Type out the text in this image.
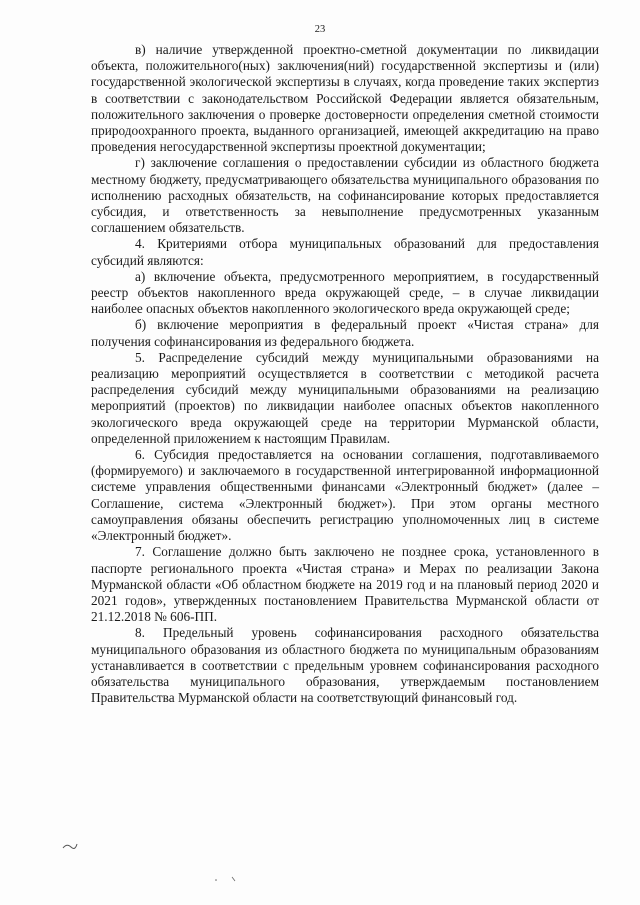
23

в) наличие утвержденной проектно-сметной документации по ликвидации объекта, положительного(ных) заключения(ний) государственной экспертизы и (или) государственной экологической экспертизы в случаях, когда проведение таких экспертиз в соответствии с законодательством Российской Федерации является обязательным, положительного заключения о проверке достоверности определения сметной стоимости природоохранного проекта, выданного организацией, имеющей аккредитацию на право проведения негосударственной экспертизы проектной документации;

г) заключение соглашения о предоставлении субсидии из областного бюджета местному бюджету, предусматривающего обязательства муниципального образования по исполнению расходных обязательств, на софинансирование которых предоставляется субсидия, и ответственность за невыполнение предусмотренных указанным соглашением обязательств.

4. Критериями отбора муниципальных образований для предоставления субсидий являются:

а) включение объекта, предусмотренного мероприятием, в государственный реестр объектов накопленного вреда окружающей среде, – в случае ликвидации наиболее опасных объектов накопленного экологического вреда окружающей среде;

б) включение мероприятия в федеральный проект «Чистая страна» для получения софинансирования из федерального бюджета.

5. Распределение субсидий между муниципальными образованиями на реализацию мероприятий осуществляется в соответствии с методикой расчета распределения субсидий между муниципальными образованиями на реализацию мероприятий (проектов) по ликвидации наиболее опасных объектов накопленного экологического вреда окружающей среде на территории Мурманской области, определенной приложением к настоящим Правилам.

6. Субсидия предоставляется на основании соглашения, подготавливаемого (формируемого) и заключаемого в государственной интегрированной информационной системе управления общественными финансами «Электронный бюджет» (далее – Соглашение, система «Электронный бюджет»). При этом органы местного самоуправления обязаны обеспечить регистрацию уполномоченных лиц в системе «Электронный бюджет».

7. Соглашение должно быть заключено не позднее срока, установленного в паспорте регионального проекта «Чистая страна» и Мерах по реализации Закона Мурманской области «Об областном бюджете на 2019 год и на плановый период 2020 и 2021 годов», утвержденных постановлением Правительства Мурманской области от 21.12.2018 № 606-ПП.

8. Предельный уровень софинансирования расходного обязательства муниципального образования из областного бюджета по муниципальным образованиям устанавливается в соответствии с предельным уровнем софинансирования расходного обязательства муниципального образования, утверждаемым постановлением Правительства Мурманской области на соответствующий финансовый год.
